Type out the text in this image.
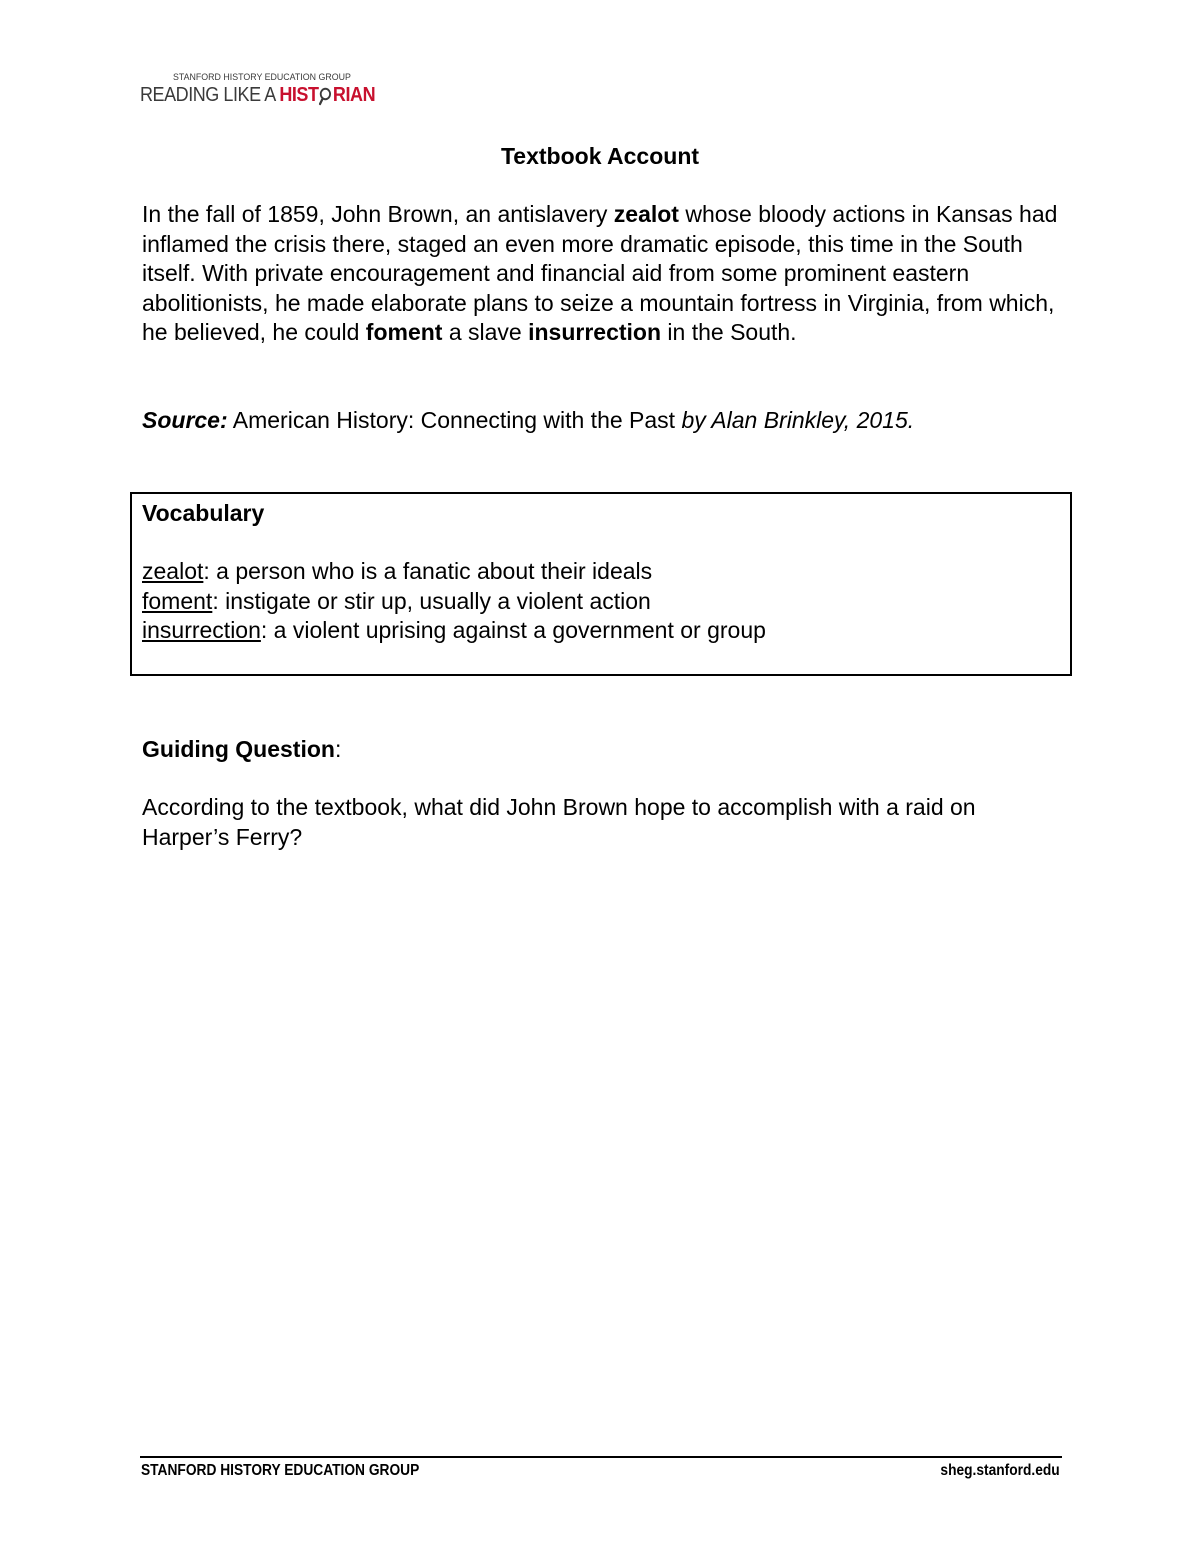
STANFORD HISTORY EDUCATION GROUP
READING LIKE A HIST RIAN
Textbook Account

In the fall of 1859, John Brown, an antislavery zealot whose bloody actions in Kansas had inflamed the crisis there, staged an even more dramatic episode, this time in the South itself. With private encouragement and financial aid from some prominent eastern abolitionists, he made elaborate plans to seize a mountain fortress in Virginia, from which, he believed, he could foment a slave insurrection in the South.

Source: American History: Connecting with the Past by Alan Brinkley, 2015.
Vocabulary
zealot: a person who is a fanatic about their ideals
foment: instigate or stir up, usually a violent action
insurrection: a violent uprising against a government or group
Guiding Question:
According to the textbook, what did John Brown hope to accomplish with a raid on Harper’s Ferry?
STANFORD HISTORY EDUCATION GROUP	sheg.stanford.edu
